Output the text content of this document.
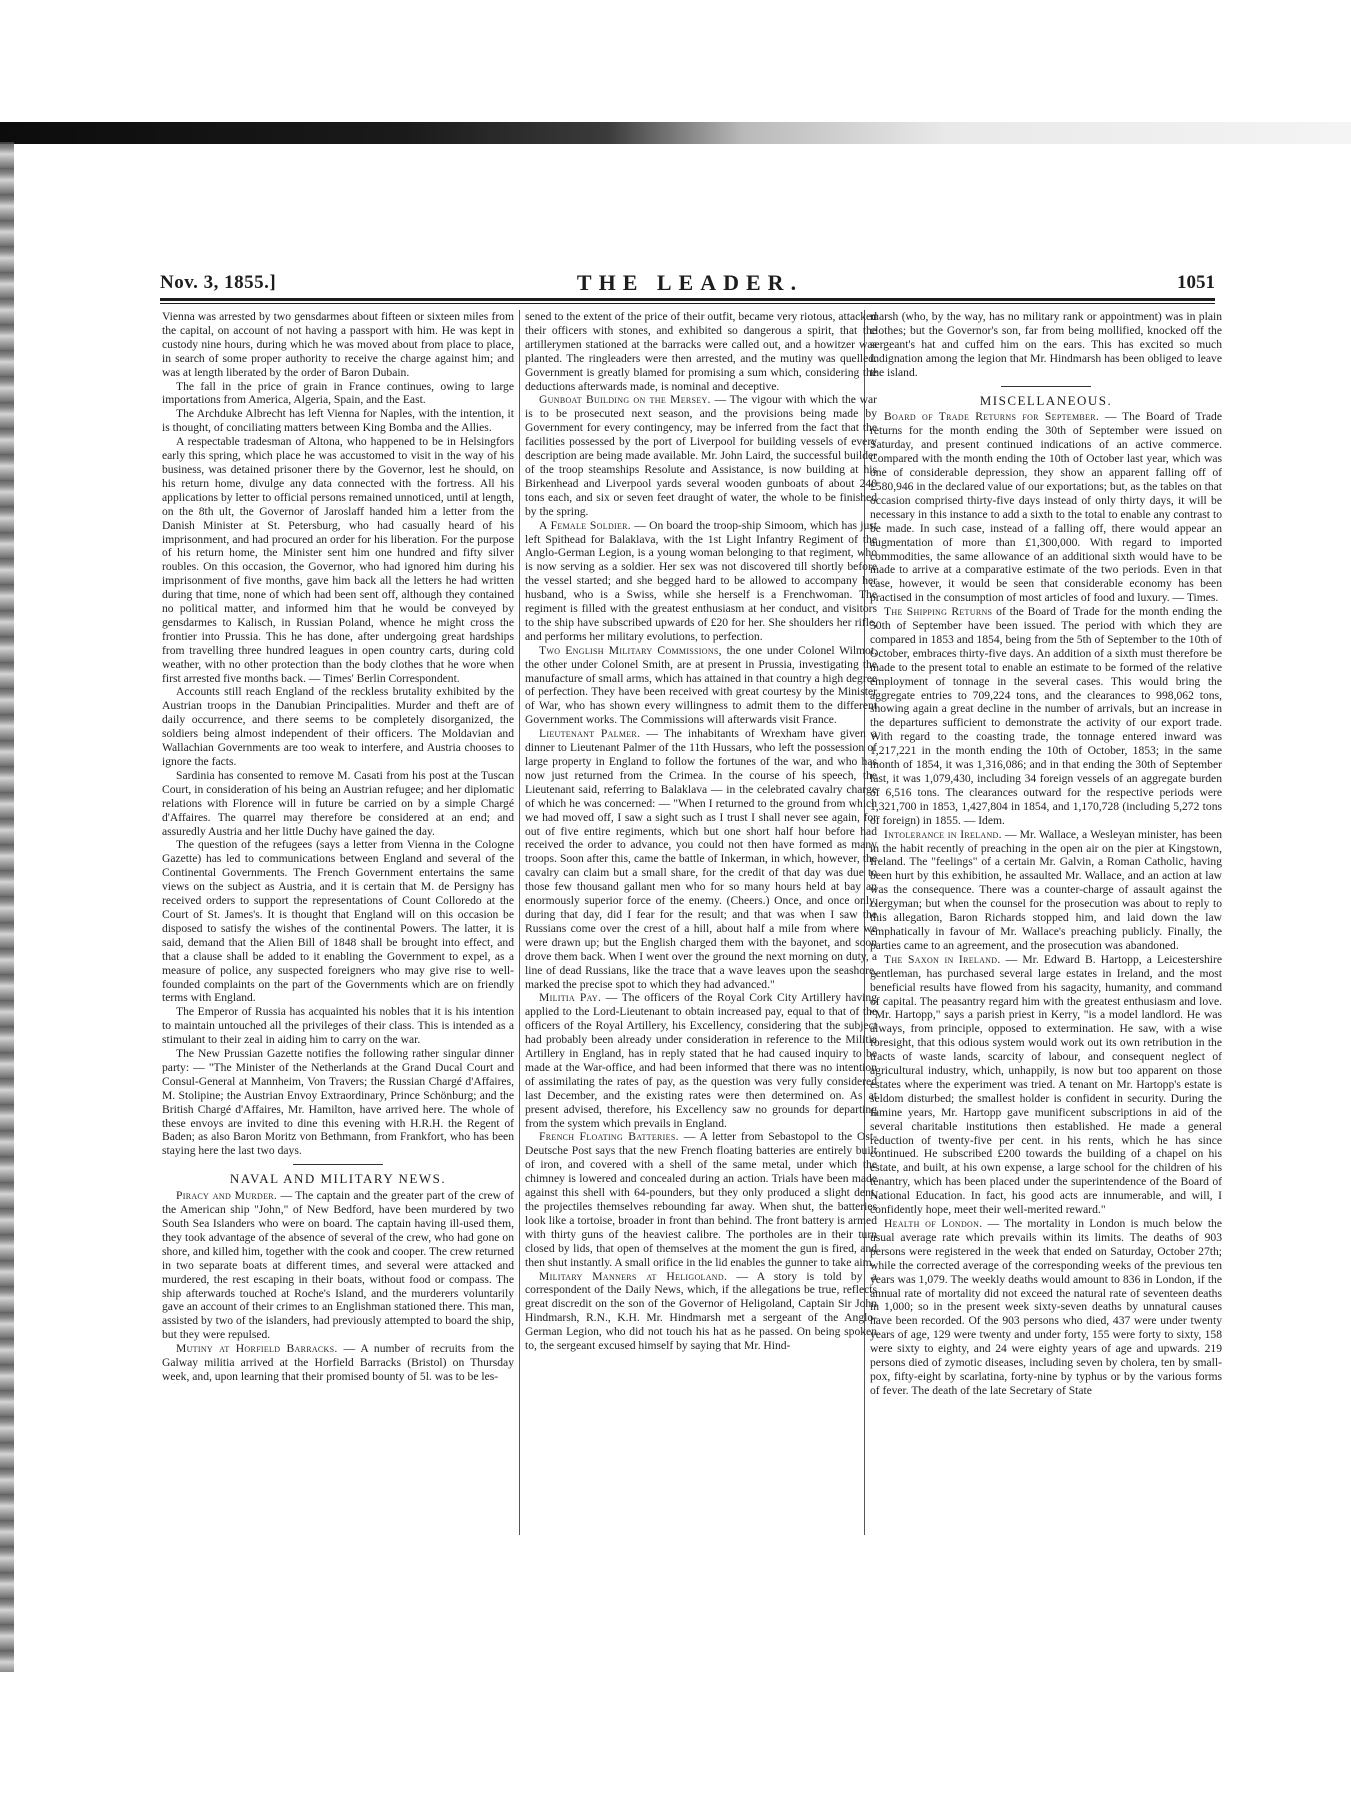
Nov. 3, 1855.]	THE LEADER.	1051

Vienna was arrested by two gensdarmes about fifteen or sixteen miles from the capital, on account of not having a passport with him. He was kept in custody nine hours, during which he was moved about from place to place, in search of some proper authority to receive the charge against him; and was at length liberated by the order of Baron Dubain.

The fall in the price of grain in France continues, owing to large importations from America, Algeria, Spain, and the East.

The Archduke Albrecht has left Vienna for Naples, with the intention, it is thought, of conciliating matters between King Bomba and the Allies.

A respectable tradesman of Altona, who happened to be in Helsingfors early this spring, which place he was accustomed to visit in the way of his business, was detained prisoner there by the Governor, lest he should, on his return home, divulge any data connected with the fortress. All his applications by letter to official persons remained unnoticed, until at length, on the 8th ult, the Governor of Jaroslaff handed him a letter from the Danish Minister at St. Petersburg, who had casually heard of his imprisonment, and had procured an order for his liberation. For the purpose of his return home, the Minister sent him one hundred and fifty silver roubles. On this occasion, the Governor, who had ignored him during his imprisonment of five months, gave him back all the letters he had written during that time, none of which had been sent off, although they contained no political matter, and informed him that he would be conveyed by gensdarmes to Kalisch, in Russian Poland, whence he might cross the frontier into Prussia. This he has done, after undergoing great hardships from travelling three hundred leagues in open country carts, during cold weather, with no other protection than the body clothes that he wore when first arrested five months back. — Times' Berlin Correspondent.

Accounts still reach England of the reckless brutality exhibited by the Austrian troops in the Danubian Principalities. Murder and theft are of daily occurrence, and there seems to be completely disorganized, the soldiers being almost independent of their officers. The Moldavian and Wallachian Governments are too weak to interfere, and Austria chooses to ignore the facts.

Sardinia has consented to remove M. Casati from his post at the Tuscan Court, in consideration of his being an Austrian refugee; and her diplomatic relations with Florence will in future be carried on by a simple Chargé d'Affaires. The quarrel may therefore be considered at an end; and assuredly Austria and her little Duchy have gained the day.

The question of the refugees (says a letter from Vienna in the Cologne Gazette) has led to communications between England and several of the Continental Governments. The French Government entertains the same views on the subject as Austria, and it is certain that M. de Persigny has received orders to support the representations of Count Colloredo at the Court of St. James's. It is thought that England will on this occasion be disposed to satisfy the wishes of the continental Powers. The latter, it is said, demand that the Alien Bill of 1848 shall be brought into effect, and that a clause shall be added to it enabling the Government to expel, as a measure of police, any suspected foreigners who may give rise to well-founded complaints on the part of the Governments which are on friendly terms with England.

The Emperor of Russia has acquainted his nobles that it is his intention to maintain untouched all the privileges of their class. This is intended as a stimulant to their zeal in aiding him to carry on the war.

The New Prussian Gazette notifies the following rather singular dinner party: — "The Minister of the Netherlands at the Grand Ducal Court and Consul-General at Mannheim, Von Travers; the Russian Chargé d'Affaires, M. Stolipine; the Austrian Envoy Extraordinary, Prince Schönburg; and the British Chargé d'Affaires, Mr. Hamilton, have arrived here. The whole of these envoys are invited to dine this evening with H.R.H. the Regent of Baden; as also Baron Moritz von Bethmann, from Frankfort, who has been staying here the last two days.

NAVAL AND MILITARY NEWS.

Piracy and Murder. — The captain and the greater part of the crew of the American ship "John," of New Bedford, have been murdered by two South Sea Islanders who were on board. The captain having ill-used them, they took advantage of the absence of several of the crew, who had gone on shore, and killed him, together with the cook and cooper. The crew returned in two separate boats at different times, and several were attacked and murdered, the rest escaping in their boats, without food or compass. The ship afterwards touched at Roche's Island, and the murderers voluntarily gave an account of their crimes to an Englishman stationed there. This man, assisted by two of the islanders, had previously attempted to board the ship, but they were repulsed.

Mutiny at Horfield Barracks. — A number of recruits from the Galway militia arrived at the Horfield Barracks (Bristol) on Thursday week, and, upon learning that their promised bounty of 5l. was to be les-

sened to the extent of the price of their outfit, became very riotous, attacked their officers with stones, and exhibited so dangerous a spirit, that the artillerymen stationed at the barracks were called out, and a howitzer was planted. The ringleaders were then arrested, and the mutiny was quelled. Government is greatly blamed for promising a sum which, considering the deductions afterwards made, is nominal and deceptive.

Gunboat Building on the Mersey. — The vigour with which the war is to be prosecuted next season, and the provisions being made by Government for every contingency, may be inferred from the fact that the facilities possessed by the port of Liverpool for building vessels of every description are being made available. Mr. John Laird, the successful builder of the troop steamships Resolute and Assistance, is now building at his Birkenhead and Liverpool yards several wooden gunboats of about 240 tons each, and six or seven feet draught of water, the whole to be finished by the spring.

A Female Soldier. — On board the troop-ship Simoom, which has just left Spithead for Balaklava, with the 1st Light Infantry Regiment of the Anglo-German Legion, is a young woman belonging to that regiment, who is now serving as a soldier. Her sex was not discovered till shortly before the vessel started; and she begged hard to be allowed to accompany her husband, who is a Swiss, while she herself is a Frenchwoman. The regiment is filled with the greatest enthusiasm at her conduct, and visitors to the ship have subscribed upwards of £20 for her. She shoulders her rifle, and performs her military evolutions, to perfection.

Two English Military Commissions, the one under Colonel Wilmot, the other under Colonel Smith, are at present in Prussia, investigating the manufacture of small arms, which has attained in that country a high degree of perfection. They have been received with great courtesy by the Minister of War, who has shown every willingness to admit them to the different Government works. The Commissions will afterwards visit France.

Lieutenant Palmer. — The inhabitants of Wrexham have given a dinner to Lieutenant Palmer of the 11th Hussars, who left the possession of large property in England to follow the fortunes of the war, and who has now just returned from the Crimea. In the course of his speech, the Lieutenant said, referring to Balaklava — in the celebrated cavalry charge of which he was concerned: — "When I returned to the ground from which we had moved off, I saw a sight such as I trust I shall never see again, for out of five entire regiments, which but one short half hour before had received the order to advance, you could not then have formed as many troops. Soon after this, came the battle of Inkerman, in which, however, the cavalry can claim but a small share, for the credit of that day was due to those few thousand gallant men who for so many hours held at bay an enormously superior force of the enemy. (Cheers.) Once, and once only, during that day, did I fear for the result; and that was when I saw the Russians come over the crest of a hill, about half a mile from where we were drawn up; but the English charged them with the bayonet, and soon drove them back. When I went over the ground the next morning on duty, a line of dead Russians, like the trace that a wave leaves upon the seashore, marked the precise spot to which they had advanced."

Militia Pay. — The officers of the Royal Cork City Artillery having applied to the Lord-Lieutenant to obtain increased pay, equal to that of the officers of the Royal Artillery, his Excellency, considering that the subject had probably been already under consideration in reference to the Militia Artillery in England, has in reply stated that he had caused inquiry to be made at the War-office, and had been informed that there was no intention of assimilating the rates of pay, as the question was very fully considered last December, and the existing rates were then determined on. As at present advised, therefore, his Excellency saw no grounds for departing from the system which prevails in England.

French Floating Batteries. — A letter from Sebastopol to the Ost-Deutsche Post says that the new French floating batteries are entirely built of iron, and covered with a shell of the same metal, under which the chimney is lowered and concealed during an action. Trials have been made against this shell with 64-pounders, but they only produced a slight dent, the projectiles themselves rebounding far away. When shut, the batteries look like a tortoise, broader in front than behind. The front battery is armed with thirty guns of the heaviest calibre. The portholes are in their turn closed by lids, that open of themselves at the moment the gun is fired, and then shut instantly. A small orifice in the lid enables the gunner to take aim.

Military Manners at Heligoland. — A story is told by a correspondent of the Daily News, which, if the allegations be true, reflects great discredit on the son of the Governor of Heligoland, Captain Sir John Hindmarsh, R.N., K.H. Mr. Hindmarsh met a sergeant of the Anglo-German Legion, who did not touch his hat as he passed. On being spoken to, the sergeant excused himself by saying that Mr. Hind-

marsh (who, by the way, has no military rank or appointment) was in plain clothes; but the Governor's son, far from being mollified, knocked off the sergeant's hat and cuffed him on the ears. This has excited so much indignation among the legion that Mr. Hindmarsh has been obliged to leave the island.

MISCELLANEOUS.

Board of Trade Returns for September. — The Board of Trade returns for the month ending the 30th of September were issued on Saturday, and present continued indications of an active commerce. Compared with the month ending the 10th of October last year, which was one of considerable depression, they show an apparent falling off of £580,946 in the declared value of our exportations; but, as the tables on that occasion comprised thirty-five days instead of only thirty days, it will be necessary in this instance to add a sixth to the total to enable any contrast to be made. In such case, instead of a falling off, there would appear an augmentation of more than £1,300,000. With regard to imported commodities, the same allowance of an additional sixth would have to be made to arrive at a comparative estimate of the two periods. Even in that case, however, it would be seen that considerable economy has been practised in the consumption of most articles of food and luxury. — Times.

The Shipping Returns of the Board of Trade for the month ending the 30th of September have been issued. The period with which they are compared in 1853 and 1854, being from the 5th of September to the 10th of October, embraces thirty-five days. An addition of a sixth must therefore be made to the present total to enable an estimate to be formed of the relative employment of tonnage in the several cases. This would bring the aggregate entries to 709,224 tons, and the clearances to 998,062 tons, showing again a great decline in the number of arrivals, but an increase in the departures sufficient to demonstrate the activity of our export trade. With regard to the coasting trade, the tonnage entered inward was 1,217,221 in the month ending the 10th of October, 1853; in the same month of 1854, it was 1,316,086; and in that ending the 30th of September last, it was 1,079,430, including 34 foreign vessels of an aggregate burden of 6,516 tons. The clearances outward for the respective periods were 1,321,700 in 1853, 1,427,804 in 1854, and 1,170,728 (including 5,272 tons of foreign) in 1855. — Idem.

Intolerance in Ireland. — Mr. Wallace, a Wesleyan minister, has been in the habit recently of preaching in the open air on the pier at Kingstown, Ireland. The "feelings" of a certain Mr. Galvin, a Roman Catholic, having been hurt by this exhibition, he assaulted Mr. Wallace, and an action at law was the consequence. There was a counter-charge of assault against the clergyman; but when the counsel for the prosecution was about to reply to this allegation, Baron Richards stopped him, and laid down the law emphatically in favour of Mr. Wallace's preaching publicly. Finally, the parties came to an agreement, and the prosecution was abandoned.

The Saxon in Ireland. — Mr. Edward B. Hartopp, a Leicestershire gentleman, has purchased several large estates in Ireland, and the most beneficial results have flowed from his sagacity, humanity, and command of capital. The peasantry regard him with the greatest enthusiasm and love. "Mr. Hartopp," says a parish priest in Kerry, "is a model landlord. He was always, from principle, opposed to extermination. He saw, with a wise foresight, that this odious system would work out its own retribution in the tracts of waste lands, scarcity of labour, and consequent neglect of agricultural industry, which, unhappily, is now but too apparent on those estates where the experiment was tried. A tenant on Mr. Hartopp's estate is seldom disturbed; the smallest holder is confident in security. During the famine years, Mr. Hartopp gave munificent subscriptions in aid of the several charitable institutions then established. He made a general reduction of twenty-five per cent. in his rents, which he has since continued. He subscribed £200 towards the building of a chapel on his estate, and built, at his own expense, a large school for the children of his tenantry, which has been placed under the superintendence of the Board of National Education. In fact, his good acts are innumerable, and will, I confidently hope, meet their well-merited reward."

Health of London. — The mortality in London is much below the usual average rate which prevails within its limits. The deaths of 903 persons were registered in the week that ended on Saturday, October 27th; while the corrected average of the corresponding weeks of the previous ten years was 1,079. The weekly deaths would amount to 836 in London, if the annual rate of mortality did not exceed the natural rate of seventeen deaths in 1,000; so in the present week sixty-seven deaths by unnatural causes have been recorded. Of the 903 persons who died, 437 were under twenty years of age, 129 were twenty and under forty, 155 were forty to sixty, 158 were sixty to eighty, and 24 were eighty years of age and upwards. 219 persons died of zymotic diseases, including seven by cholera, ten by small-pox, fifty-eight by scarlatina, forty-nine by typhus or by the various forms of fever. The death of the late Secretary of State
